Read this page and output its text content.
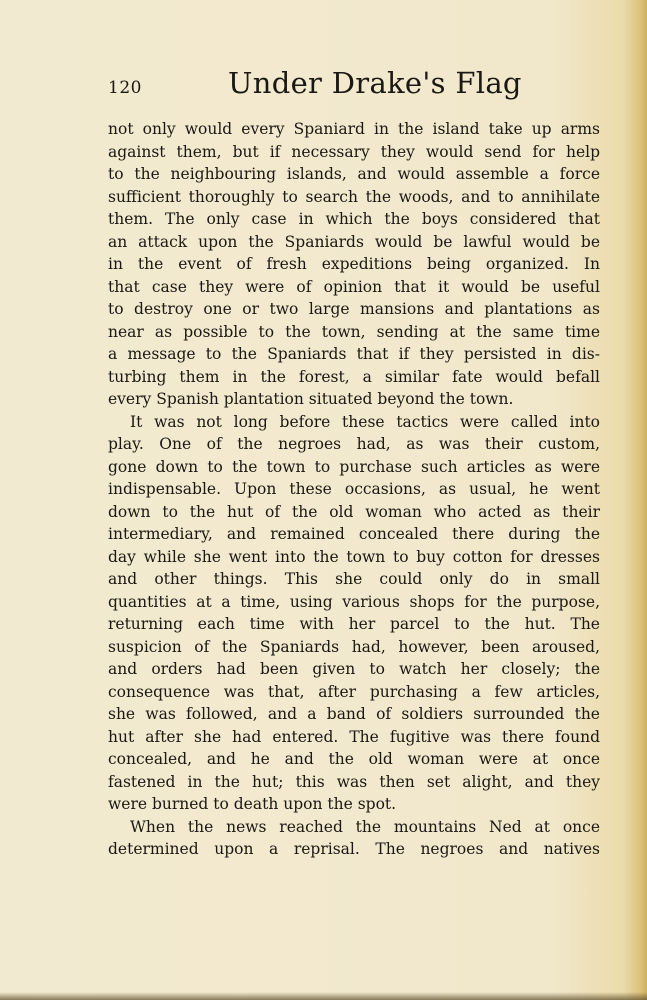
120	Under Drake's Flag
not only would every Spaniard in the island take up arms
against them, but if necessary they would send for help
to the neighbouring islands, and would assemble a force
sufficient thoroughly to search the woods, and to annihilate
them. The only case in which the boys considered that
an attack upon the Spaniards would be lawful would be
in the event of fresh expeditions being organized. In
that case they were of opinion that it would be useful
to destroy one or two large mansions and plantations as
near as possible to the town, sending at the same time
a message to the Spaniards that if they persisted in dis-
turbing them in the forest, a similar fate would befall
every Spanish plantation situated beyond the town.
It was not long before these tactics were called into
play. One of the negroes had, as was their custom,
gone down to the town to purchase such articles as were
indispensable. Upon these occasions, as usual, he went
down to the hut of the old woman who acted as their
intermediary, and remained concealed there during the
day while she went into the town to buy cotton for dresses
and other things. This she could only do in small
quantities at a time, using various shops for the purpose,
returning each time with her parcel to the hut. The
suspicion of the Spaniards had, however, been aroused,
and orders had been given to watch her closely; the
consequence was that, after purchasing a few articles,
she was followed, and a band of soldiers surrounded the
hut after she had entered. The fugitive was there found
concealed, and he and the old woman were at once
fastened in the hut; this was then set alight, and they
were burned to death upon the spot.
When the news reached the mountains Ned at once
determined upon a reprisal. The negroes and natives
